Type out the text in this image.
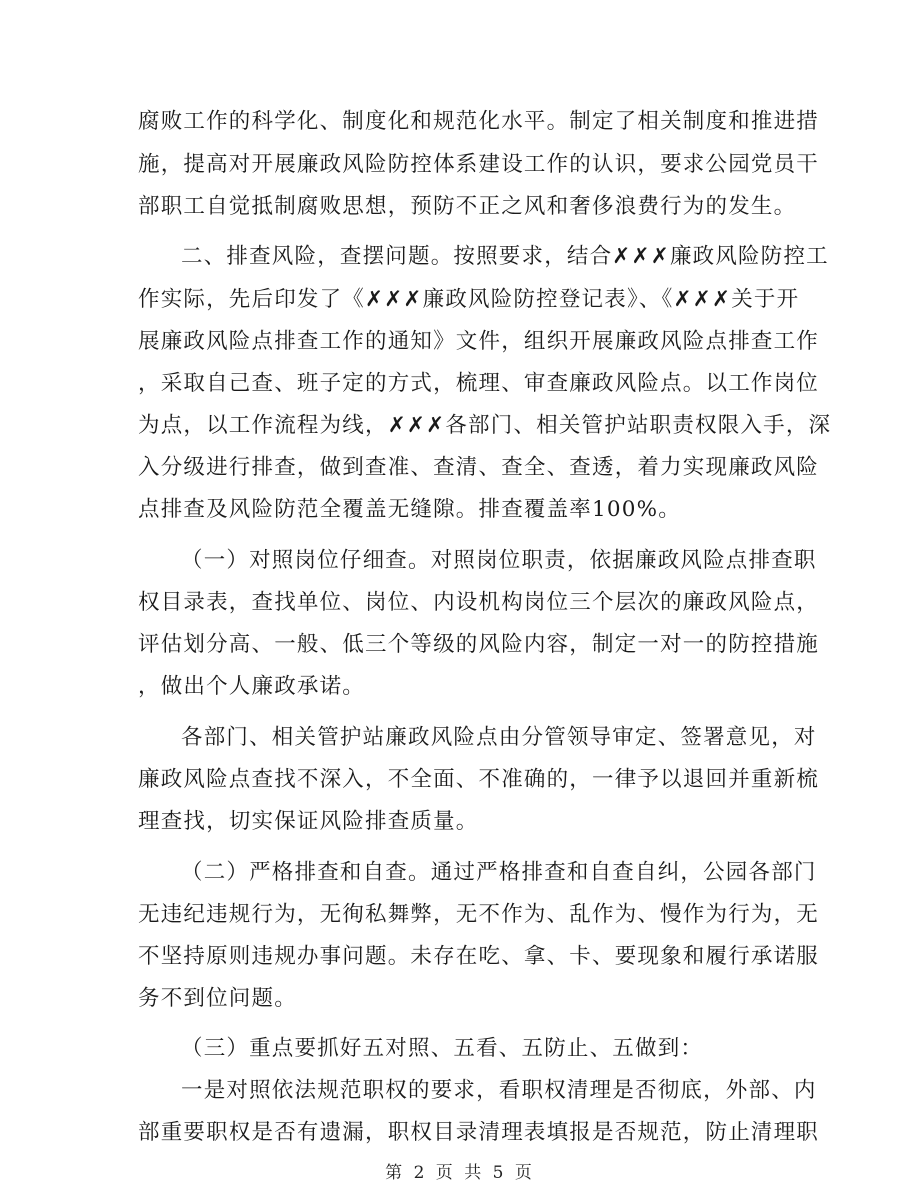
腐败工作的科学化、制度化和规范化水平。制定了相关制度和推进措
施，提高对开展廉政风险防控体系建设工作的认识，要求公园党员干
部职工自觉抵制腐败思想，预防不正之风和奢侈浪费行为的发生。
二、排查风险，查摆问题。按照要求，结合✗✗✗廉政风险防控工
作实际，先后印发了《✗✗✗廉政风险防控登记表》、《✗✗✗关于开
展廉政风险点排查工作的通知》文件，组织开展廉政风险点排查工作
，采取自己查、班子定的方式，梳理、审查廉政风险点。以工作岗位
为点，以工作流程为线，✗✗✗各部门、相关管护站职责权限入手，深
入分级进行排查，做到查准、查清、查全、查透，着力实现廉政风险
点排查及风险防范全覆盖无缝隙。排查覆盖率100%。
（一）对照岗位仔细查。对照岗位职责，依据廉政风险点排查职
权目录表，查找单位、岗位、内设机构岗位三个层次的廉政风险点，
评估划分高、一般、低三个等级的风险内容，制定一对一的防控措施
，做出个人廉政承诺。
各部门、相关管护站廉政风险点由分管领导审定、签署意见，对
廉政风险点查找不深入，不全面、不准确的，一律予以退回并重新梳
理查找，切实保证风险排查质量。
（二）严格排查和自查。通过严格排查和自查自纠，公园各部门
无违纪违规行为，无徇私舞弊，无不作为、乱作为、慢作为行为，无
不坚持原则违规办事问题。未存在吃、拿、卡、要现象和履行承诺服
务不到位问题。
（三）重点要抓好五对照、五看、五防止、五做到：
一是对照依法规范职权的要求，看职权清理是否彻底，外部、内
部重要职权是否有遗漏，职权目录清理表填报是否规范，防止清理职
第 2 页 共 5 页
